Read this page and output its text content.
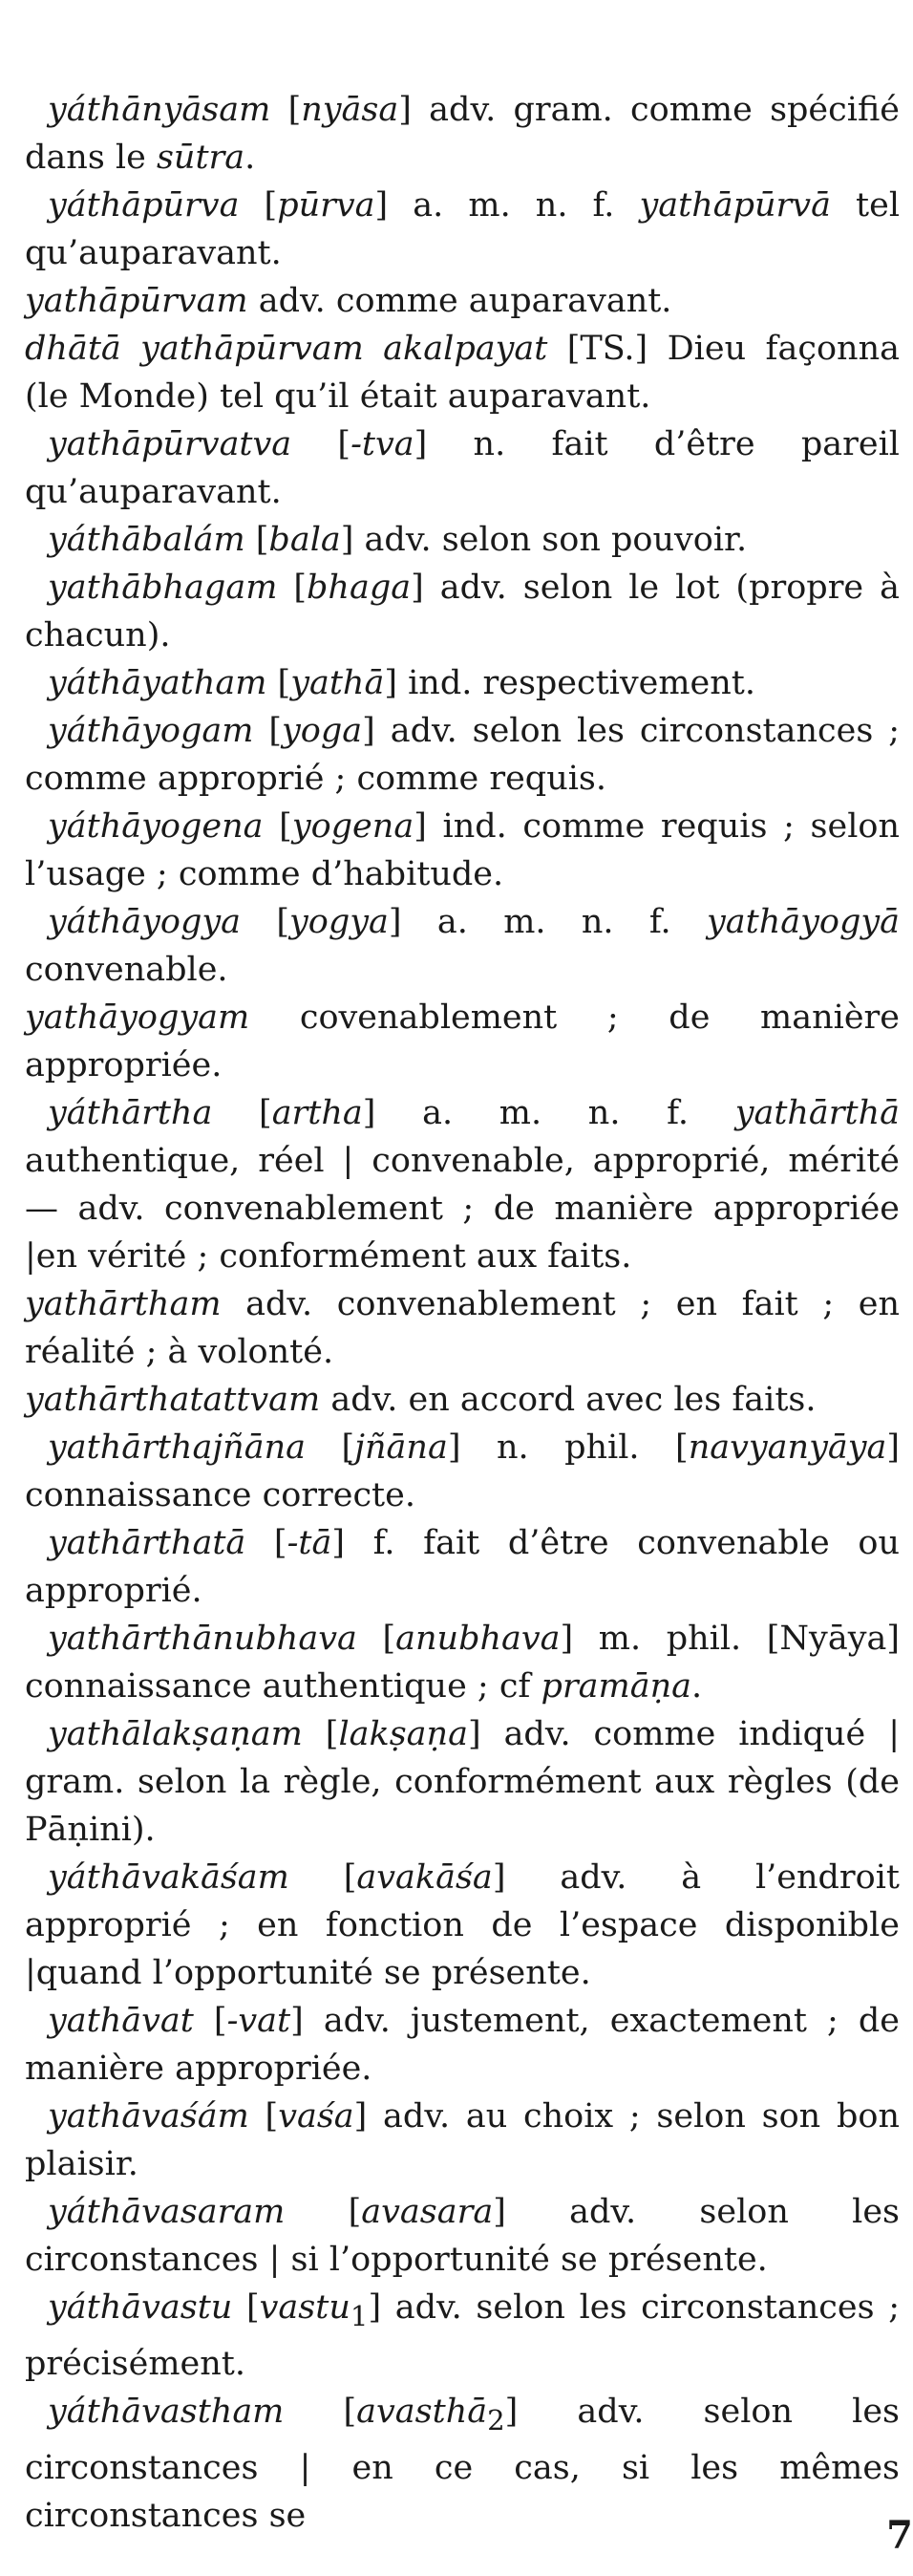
yáthānyāsam [nyāsa] adv. gram. comme spécifié dans le sūtra.

yáthāpūrva [pūrva] a. m. n. f. yathāpūrvā tel qu’auparavant.

yathāpūrvam adv. comme auparavant.

dhātā yathāpūrvam akalpayat [TS.] Dieu façonna (le Monde) tel qu’il était auparavant.

yathāpūrvatva [-tva] n. fait d’être pareil qu’auparavant.

yáthābalám [bala] adv. selon son pouvoir.

yathābhagam [bhaga] adv. selon le lot (propre à chacun).

yáthāyatham [yathā] ind. respectivement.

yáthāyogam [yoga] adv. selon les circonstances ; comme approprié ; comme requis.

yáthāyogena [yogena] ind. comme requis ; selon l’usage ; comme d’habitude.

yáthāyogya [yogya] a. m. n. f. yathāyogyā convenable.

yathāyogyam covenablement ; de manière appropriée.

yáthārtha [artha] a. m. n. f. yathārthā authentique, réel | convenable, approprié, mérité — adv. convenablement ; de manière appropriée |en vérité ; conformément aux faits.

yathārtham adv. convenablement ; en fait ; en réalité ; à volonté.

yathārthatattvam adv. en accord avec les faits.

yathārthajñāna [jñāna] n. phil. [navyanyāya] connaissance correcte.

yathārthatā [-tā] f. fait d’être convenable ou approprié.

yathārthānubhava [anubhava] m. phil. [Nyāya] connaissance authentique ; cf pramāṇa.

yathālakṣaṇam [lakṣaṇa] adv. comme indiqué | gram. selon la règle, conformément aux règles (de Pāṇini).

yáthāvakāśam [avakāśa] adv. à l’endroit approprié ; en fonction de l’espace disponible |quand l’opportunité se présente.

yathāvat [-vat] adv. justement, exactement ; de manière appropriée.

yathāvaśám [vaśa] adv. au choix ; selon son bon plaisir.

yáthāvasaram [avasara] adv. selon les circonstances | si l’opportunité se présente.

yáthāvastu [vastu$_1$] adv. selon les circonstances ; précisément.

yáthāvastham [avasthā$_2$] adv. selon les circonstances | en ce cas, si les mêmes circonstances se	7
